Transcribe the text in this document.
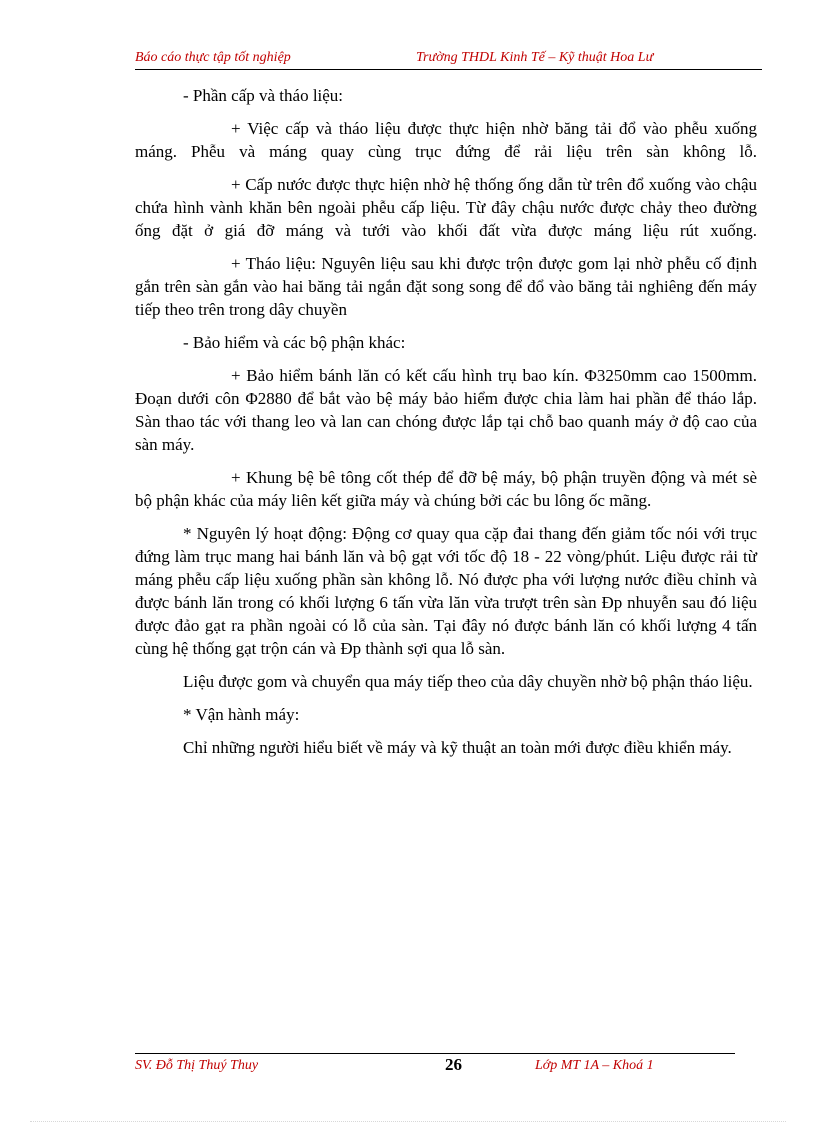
Báo cáo thực tập tốt nghiệp	Trường THDL Kinh Tế – Kỹ thuật Hoa Lư

- Phần cấp và tháo liệu:

+ Việc cấp và tháo liệu được thực hiện nhờ băng tải đổ vào phễu xuống máng. Phễu và máng quay cùng trục đứng để rải liệu trên sàn không lỗ.

+ Cấp nước được thực hiện nhờ hệ thống ống dẫn từ trên đổ xuống vào chậu chứa hình vành khăn bên ngoài phễu cấp liệu. Từ đây chậu nước được chảy theo đường ống đặt ở giá đỡ máng và tưới vào khối đất vừa được máng liệu rút xuống.

+ Tháo liệu: Nguyên liệu sau khi được trộn được gom lại nhờ phễu cố định gắn trên sàn gắn vào hai băng tải ngắn đặt song song để đổ vào băng tải nghiêng đến máy tiếp theo trên trong dây chuyền

- Bảo hiểm và các bộ phận khác:

+ Bảo hiểm bánh lăn có kết cấu hình trụ bao kín. Φ3250mm cao 1500mm. Đoạn dưới côn Φ2880 để bắt vào bệ máy bảo hiểm được chia làm hai phần để tháo lắp. Sàn thao tác với thang leo và lan can chóng được lắp tại chỗ bao quanh máy ở độ cao của sàn máy.

+ Khung bệ bê tông cốt thép để đỡ bệ máy, bộ phận truyền động và mét sè bộ phận khác của máy liên kết giữa máy và chúng bởi các bu lông ốc mãng.

* Nguyên lý hoạt động: Động cơ quay qua cặp đai thang đến giảm tốc nói với trục đứng làm trục mang hai bánh lăn và bộ gạt với tốc độ 18 - 22 vòng/phút. Liệu được rải từ máng phễu cấp liệu xuống phần sàn không lỗ. Nó được pha với lượng nước điều chỉnh và được bánh lăn trong có khối lượng 6 tấn vừa lăn vừa trượt trên sàn Đp nhuyễn sau đó liệu được đảo gạt ra phần ngoài có lỗ của sàn. Tại đây nó được bánh lăn có khối lượng 4 tấn cùng hệ thống gạt trộn cán và Đp thành sợi qua lỗ sàn.

Liệu được gom và chuyển qua máy tiếp theo của dây chuyền nhờ bộ phận tháo liệu.

* Vận hành máy:

Chỉ những người hiểu biết về máy và kỹ thuật an toàn mới được điều khiển máy.

SV. Đỗ Thị Thuý Thuy	26	Lớp MT 1A – Khoá 1
